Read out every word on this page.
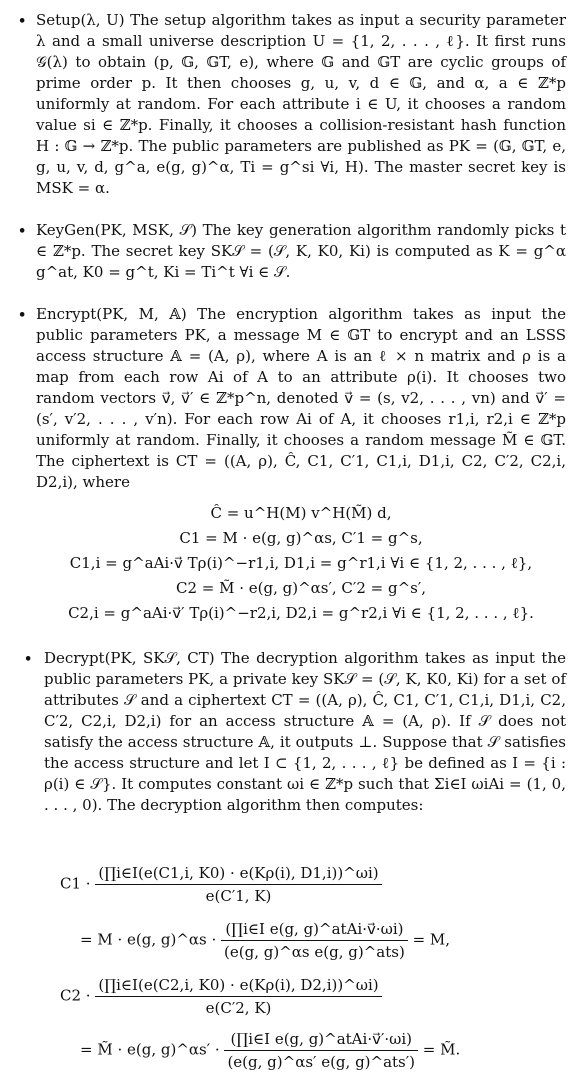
• Setup(λ, U) The setup algorithm takes as input a security parameter λ and a small universe description U = {1, 2, . . . , ℓ}. It first runs 𝒢(λ) to obtain (p, 𝔾, 𝔾T, e), where 𝔾 and 𝔾T are cyclic groups of prime order p. It then chooses g, u, v, d ∈ 𝔾, and α, a ∈ ℤ*p uniformly at random. For each attribute i ∈ U, it chooses a random value si ∈ ℤ*p. Finally, it chooses a collision-resistant hash function H : 𝔾 → ℤ*p. The public parameters are published as PK = (𝔾, 𝔾T, e, g, u, v, d, g^a, e(g, g)^α, Ti = g^si ∀i, H). The master secret key is MSK = α.
• KeyGen(PK, MSK, 𝒮) The key generation algorithm randomly picks t ∈ ℤ*p. The secret key SK𝒮 = (𝒮, K, K0, Ki) is computed as K = g^α g^at, K0 = g^t, Ki = Ti^t ∀i ∈ 𝒮.
• Encrypt(PK, M, 𝔸) The encryption algorithm takes as input the public parameters PK, a message M ∈ 𝔾T to encrypt and an LSSS access structure 𝔸 = (A, ρ), where A is an ℓ × n matrix and ρ is a map from each row Ai of A to an attribute ρ(i). It chooses two random vectors v⃗, v⃗′ ∈ ℤ*p^n, denoted v⃗ = (s, v2, . . . , vn) and v⃗′ = (s′, v′2, . . . , v′n). For each row Ai of A, it chooses r1,i, r2,i ∈ ℤ*p uniformly at random. Finally, it chooses a random message M̃ ∈ 𝔾T. The ciphertext is CT = ((A, ρ), Ĉ, C1, C′1, C1,i, D1,i, C2, C′2, C2,i, D2,i), where
Ĉ = u^H(M) v^H(M̃) d,
C1 = M · e(g, g)^αs, C′1 = g^s,
C1,i = g^aAi·v⃗ Tρ(i)^−r1,i, D1,i = g^r1,i ∀i ∈ {1, 2, . . . , ℓ},
C2 = M̃ · e(g, g)^αs′, C′2 = g^s′,
C2,i = g^aAi·v⃗′ Tρ(i)^−r2,i, D2,i = g^r2,i ∀i ∈ {1, 2, . . . , ℓ}.
• Decrypt(PK, SK𝒮, CT) The decryption algorithm takes as input the public parameters PK, a private key SK𝒮 = (𝒮, K, K0, Ki) for a set of attributes 𝒮 and a ciphertext CT = ((A, ρ), Ĉ, C1, C′1, C1,i, D1,i, C2, C′2, C2,i, D2,i) for an access structure 𝔸 = (A, ρ). If 𝒮 does not satisfy the access structure 𝔸, it outputs ⊥. Suppose that 𝒮 satisfies the access structure and let I ⊂ {1, 2, . . . , ℓ} be defined as I = {i : ρ(i) ∈ 𝒮}. It computes constant ωi ∈ ℤ*p such that Σi∈I ωiAi = (1, 0, . . . , 0). The decryption algorithm then computes:
$C1 \cdot \frac{(\prod i\in I(e(C1,i, K0) \cdot e(K\rho(i), D1,i))\^{}\omega i)}{e(C'1, K)}$
= M · e(g, g)^αs · $\frac{\text{(∏i∈I e(g, g)\textasciicircum{}atAi·v⃗·ωi)}}{\text{(e(g, g)\textasciicircum{}αs e(g, g)\textasciicircum{}ats)}} = M$,
$C2 \cdot \frac{(\prod i\in I(e(C2,i, K0) \cdot e(K\rho(i), D2,i))\^{}\omega i)}{e(C'2, K)}$
= M̃ · e(g, g)^αs′ · $\frac{\text{(∏i∈I e(g, g)\textasciicircum{}atAi·v⃗′·ωi)}}{\text{(e(g, g)\textasciicircum{}αs′ e(g, g)\textasciicircum{}ats′)}}$ = M̃.
